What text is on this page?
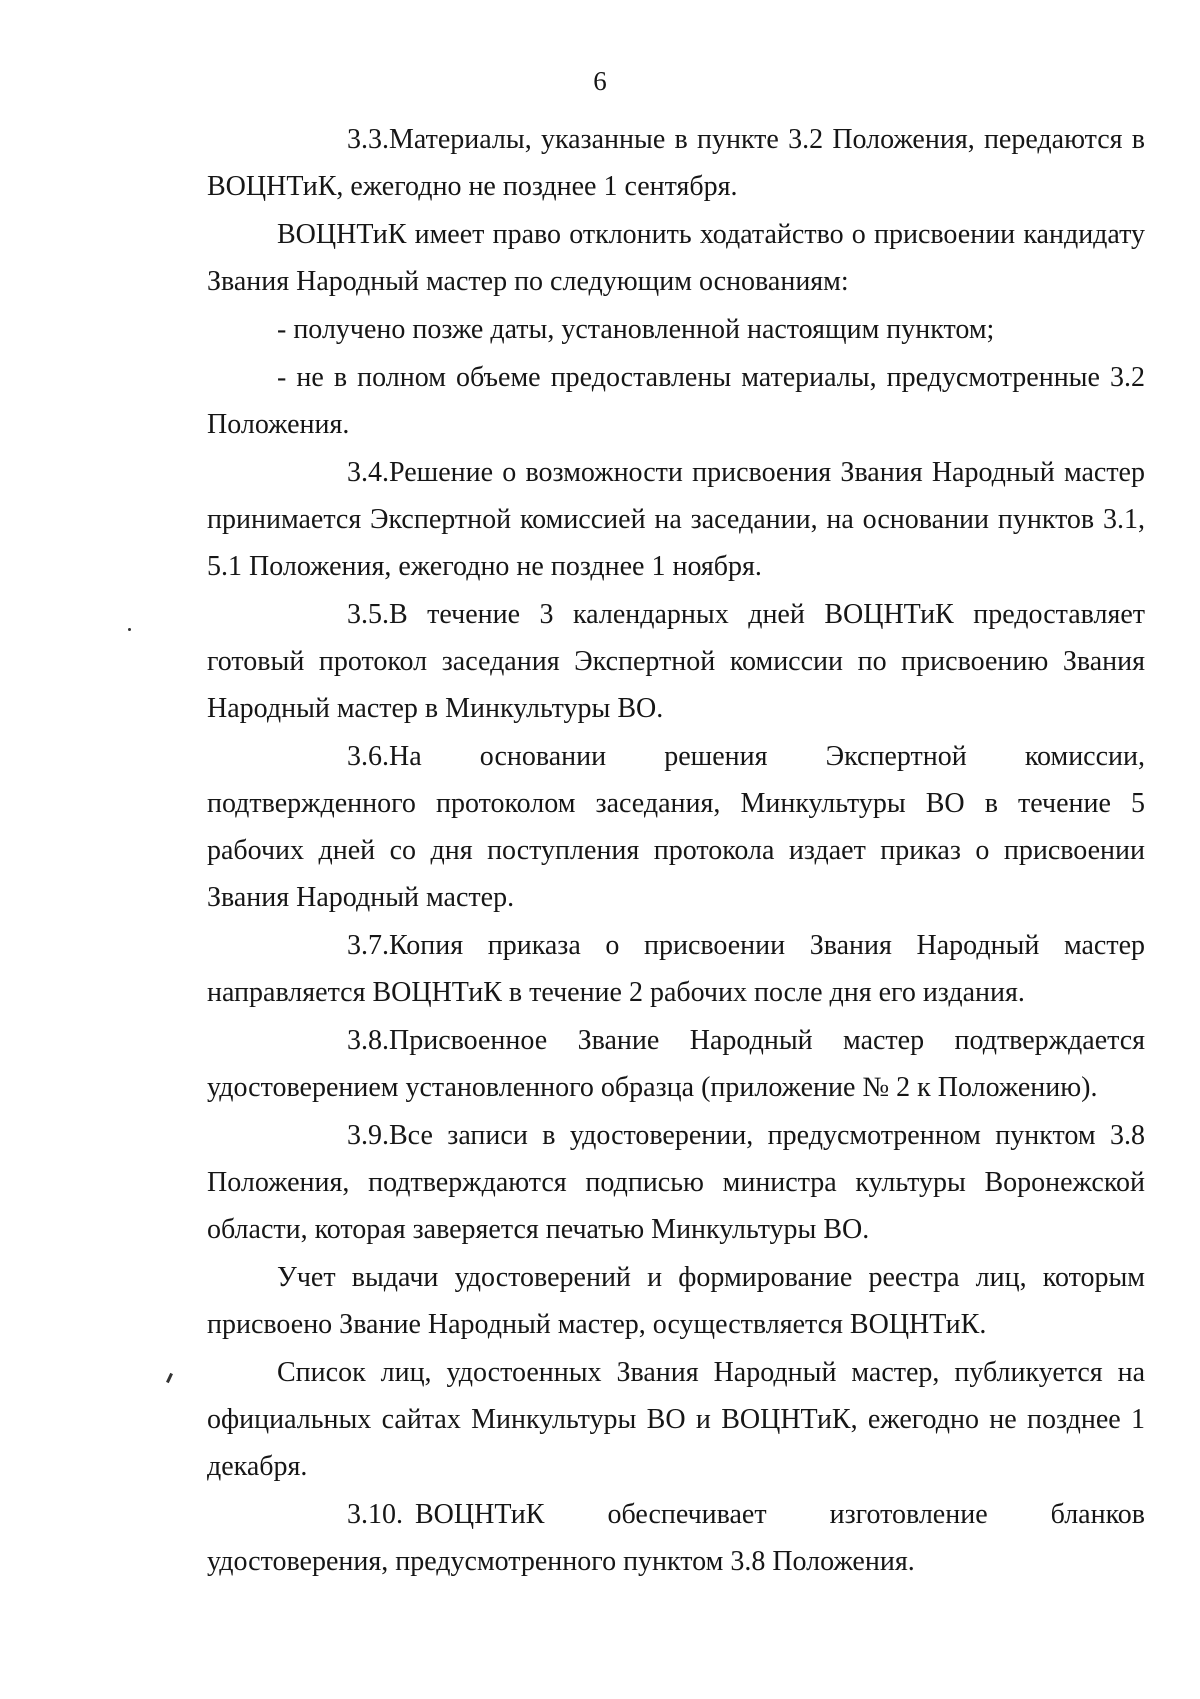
6

3.3.Материалы, указанные в пункте 3.2 Положения, передаются в ВОЦНТиК, ежегодно не позднее 1 сентября.

ВОЦНТиК имеет право отклонить ходатайство о присвоении кандидату Звания Народный мастер по следующим основаниям:

- получено позже даты, установленной настоящим пунктом;

- не в полном объеме предоставлены материалы, предусмотренные 3.2 Положения.

3.4.Решение о возможности присвоения Звания Народный мастер принимается Экспертной комиссией на заседании, на основании пунктов 3.1, 5.1 Положения, ежегодно не позднее 1 ноября.

3.5.В течение 3 календарных дней ВОЦНТиК предоставляет готовый протокол заседания Экспертной комиссии по присвоению Звания Народный мастер в Минкультуры ВО.

3.6.На основании решения Экспертной комиссии, подтвержденного протоколом заседания, Минкультуры ВО в течение 5 рабочих дней со дня поступления протокола издает приказ о присвоении Звания Народный мастер.

3.7.Копия приказа о присвоении Звания Народный мастер направляется ВОЦНТиК в течение 2 рабочих после дня его издания.

3.8.Присвоенное Звание Народный мастер подтверждается удостоверением установленного образца (приложение № 2 к Положению).

3.9.Все записи в удостоверении, предусмотренном пунктом 3.8 Положения, подтверждаются подписью министра культуры Воронежской области, которая заверяется печатью Минкультуры ВО.

Учет выдачи удостоверений и формирование реестра лиц, которым присвоено Звание Народный мастер, осуществляется ВОЦНТиК.

Список лиц, удостоенных Звания Народный мастер, публикуется на официальных сайтах Минкультуры ВО и ВОЦНТиК, ежегодно не позднее 1 декабря.

3.10. ВОЦНТиК обеспечивает изготовление бланков удостоверения, предусмотренного пунктом 3.8 Положения.
